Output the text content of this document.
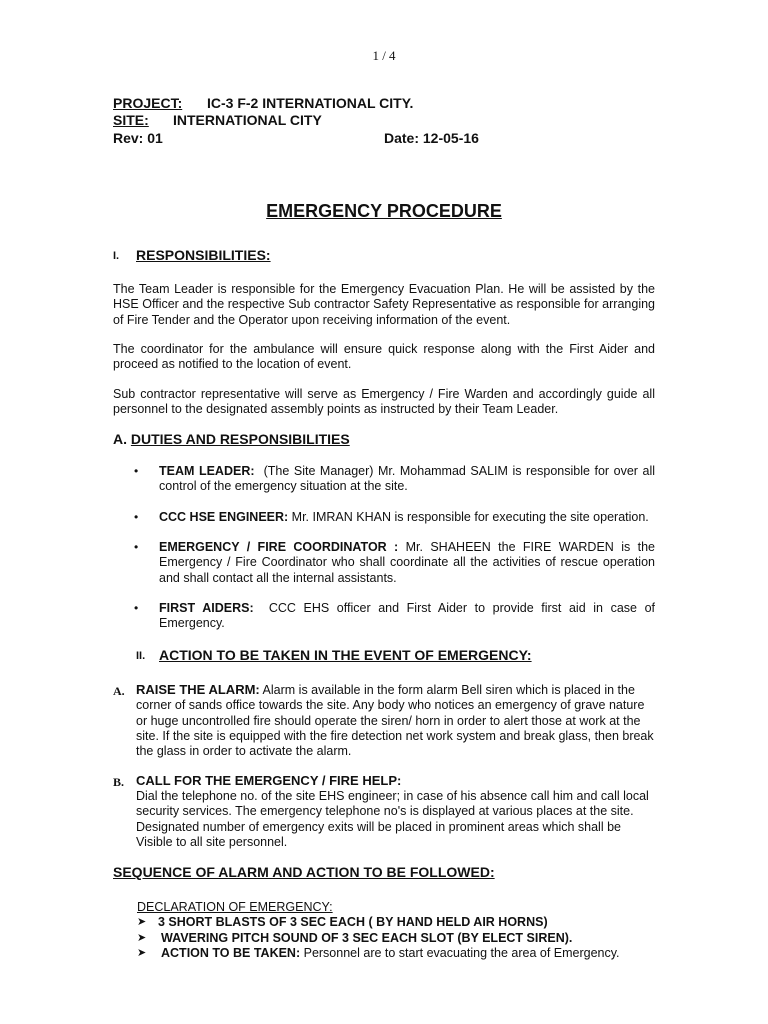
1 / 4
PROJECT: IC-3 F-2 INTERNATIONAL CITY.
SITE: INTERNATIONAL CITY
Rev: 01	Date: 12-05-16
EMERGENCY PROCEDURE
I. RESPONSIBILITIES:
The Team Leader is responsible for the Emergency Evacuation Plan. He will be assisted by the HSE Officer and the respective Sub contractor Safety Representative as responsible for arranging of Fire Tender and the Operator upon receiving information of the event.
The coordinator for the ambulance will ensure quick response along with the First Aider and proceed as notified to the location of event.
Sub contractor representative will serve as Emergency / Fire Warden and accordingly guide all personnel to the designated assembly points as instructed by their Team Leader.
A. DUTIES AND RESPONSIBILITIES
• TEAM LEADER: (The Site Manager) Mr. Mohammad SALIM is responsible for over all control of the emergency situation at the site.
• CCC HSE ENGINEER: Mr. IMRAN KHAN is responsible for executing the site operation.
• EMERGENCY / FIRE COORDINATOR : Mr. SHAHEEN the FIRE WARDEN is the Emergency / Fire Coordinator who shall coordinate all the activities of rescue operation and shall contact all the internal assistants.
• FIRST AIDERS: CCC EHS officer and First Aider to provide first aid in case of Emergency.
II. ACTION TO BE TAKEN IN THE EVENT OF EMERGENCY:
A. RAISE THE ALARM: Alarm is available in the form alarm Bell siren which is placed in the corner of sands office towards the site. Any body who notices an emergency of grave nature or huge uncontrolled fire should operate the siren/ horn in order to alert those at work at the site. If the site is equipped with the fire detection net work system and break glass, then break the glass in order to activate the alarm.
B. CALL FOR THE EMERGENCY / FIRE HELP:
Dial the telephone no. of the site EHS engineer; in case of his absence call him and call local security services. The emergency telephone no's is displayed at various places at the site. Designated number of emergency exits will be placed in prominent areas which shall be Visible to all site personnel.
SEQUENCE OF ALARM AND ACTION TO BE FOLLOWED:
DECLARATION OF EMERGENCY:
➤ 3 SHORT BLASTS OF 3 SEC EACH ( BY HAND HELD AIR HORNS)
➤ WAVERING PITCH SOUND OF 3 SEC EACH SLOT (BY ELECT SIREN).
➤ ACTION TO BE TAKEN: Personnel are to start evacuating the area of Emergency.
